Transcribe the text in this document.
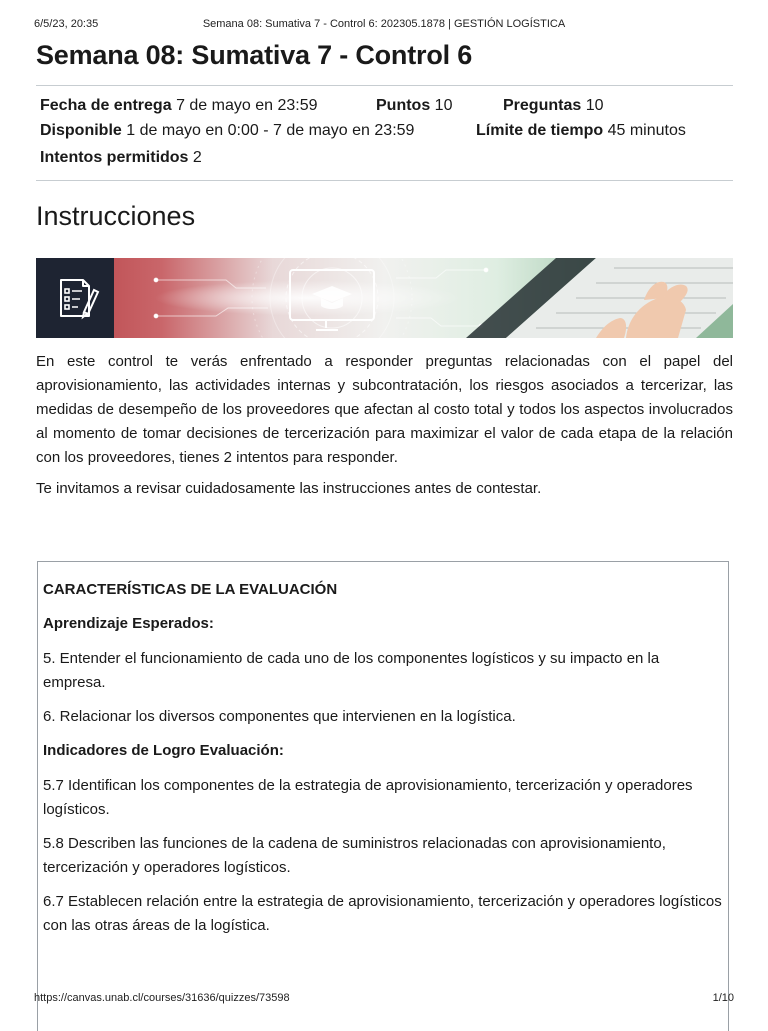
6/5/23, 20:35	Semana 08: Sumativa 7 - Control 6: 202305.1878 | GESTIÓN LOGÍSTICA
Semana 08: Sumativa 7 - Control 6
Fecha de entrega 7 de mayo en 23:59	Puntos 10	Preguntas 10
Disponible 1 de mayo en 0:00 - 7 de mayo en 23:59	Límite de tiempo 45 minutos
Intentos permitidos 2
Instrucciones

En este control te verás enfrentado a responder preguntas relacionadas con el papel del aprovisionamiento, las actividades internas y subcontratación, los riesgos asociados a tercerizar, las medidas de desempeño de los proveedores que afectan al costo total y todos los aspectos involucrados al momento de tomar decisiones de tercerización para maximizar el valor de cada etapa de la relación con los proveedores, tienes 2 intentos para responder.

Te invitamos a revisar cuidadosamente las instrucciones antes de contestar.

CARACTERÍSTICAS DE LA EVALUACIÓN

Aprendizaje Esperados:

5. Entender el funcionamiento de cada uno de los componentes logísticos y su impacto en la empresa.

6. Relacionar los diversos componentes que intervienen en la logística.

Indicadores de Logro Evaluación:

5.7 Identifican los componentes de la estrategia de aprovisionamiento, tercerización y operadores logísticos.

5.8 Describen las funciones de la cadena de suministros relacionadas con aprovisionamiento, tercerización y operadores logísticos.

6.7 Establecen relación entre la estrategia de aprovisionamiento, tercerización y operadores logísticos con las otras áreas de la logística.

https://canvas.unab.cl/courses/31636/quizzes/73598	1/10
